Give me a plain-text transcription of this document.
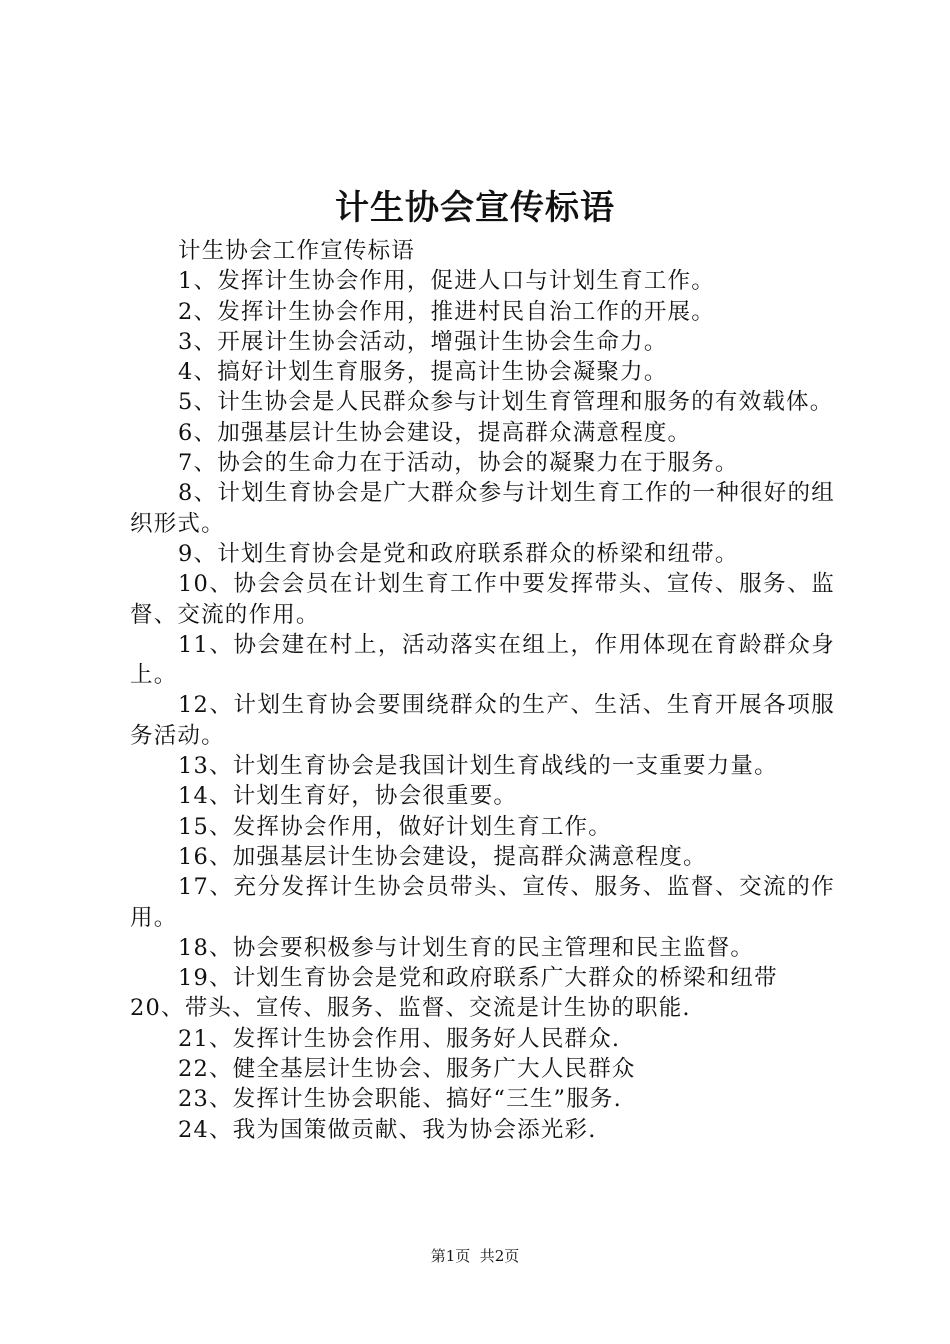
计生协会宣传标语

计生协会工作宣传标语

1、发挥计生协会作用，促进人口与计划生育工作。

2、发挥计生协会作用，推进村民自治工作的开展。

3、开展计生协会活动，增强计生协会生命力。

4、搞好计划生育服务，提高计生协会凝聚力。

5、计生协会是人民群众参与计划生育管理和服务的有效载体。

6、加强基层计生协会建设，提高群众满意程度。

7、协会的生命力在于活动，协会的凝聚力在于服务。

8、计划生育协会是广大群众参与计划生育工作的一种很好的组织形式。

9、计划生育协会是党和政府联系群众的桥梁和纽带。

10、协会会员在计划生育工作中要发挥带头、宣传、服务、监督、交流的作用。

11、协会建在村上，活动落实在组上，作用体现在育龄群众身上。

12、计划生育协会要围绕群众的生产、生活、生育开展各项服务活动。

13、计划生育协会是我国计划生育战线的一支重要力量。

14、计划生育好，协会很重要。

15、发挥协会作用，做好计划生育工作。

16、加强基层计生协会建设，提高群众满意程度。

17、充分发挥计生协会员带头、宣传、服务、监督、交流的作用。

18、协会要积极参与计划生育的民主管理和民主监督。

19、计划生育协会是党和政府联系广大群众的桥梁和纽带

20、带头、宣传、服务、监督、交流是计生协的职能.

21、发挥计生协会作用、服务好人民群众.

22、健全基层计生协会、服务广大人民群众

23、发挥计生协会职能、搞好“三生”服务.

24、我为国策做贡献、我为协会添光彩.

第1页  共2页
